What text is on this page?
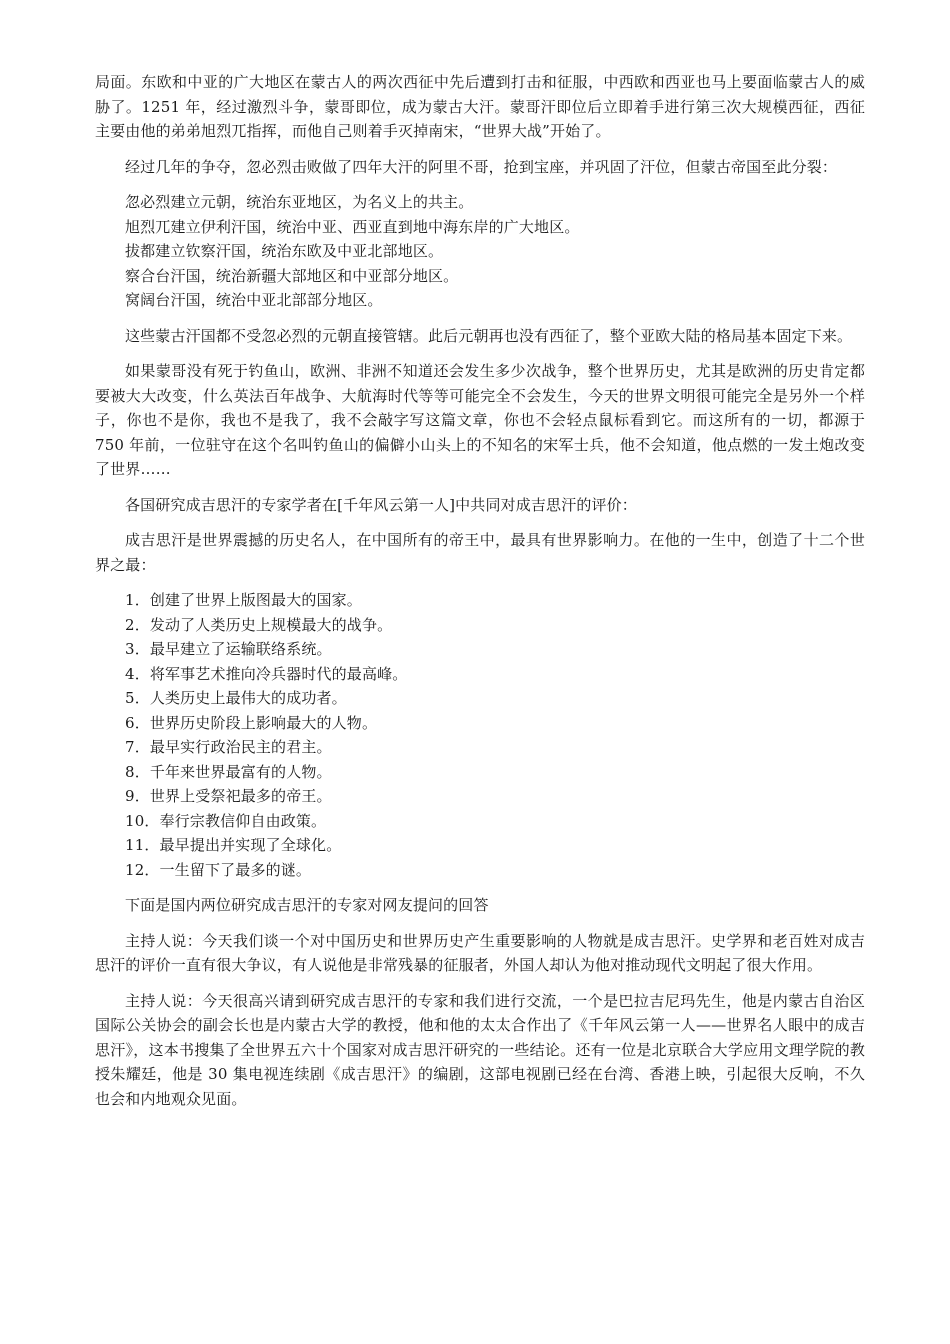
局面。东欧和中亚的广大地区在蒙古人的两次西征中先后遭到打击和征服，中西欧和西亚也马上要面临蒙古人的威胁了。1251 年，经过激烈斗争，蒙哥即位，成为蒙古大汗。蒙哥汗即位后立即着手进行第三次大规模西征，西征主要由他的弟弟旭烈兀指挥，而他自己则着手灭掉南宋，“世界大战”开始了。

经过几年的争夺，忽必烈击败做了四年大汗的阿里不哥，抢到宝座，并巩固了汗位，但蒙古帝国至此分裂：

忽必烈建立元朝，统治东亚地区，为名义上的共主。

旭烈兀建立伊利汗国，统治中亚、西亚直到地中海东岸的广大地区。

拔都建立钦察汗国，统治东欧及中亚北部地区。

察合台汗国，统治新疆大部地区和中亚部分地区。

窝阔台汗国，统治中亚北部部分地区。

这些蒙古汗国都不受忽必烈的元朝直接管辖。此后元朝再也没有西征了，整个亚欧大陆的格局基本固定下来。

如果蒙哥没有死于钓鱼山，欧洲、非洲不知道还会发生多少次战争，整个世界历史，尤其是欧洲的历史肯定都要被大大改变，什么英法百年战争、大航海时代等等可能完全不会发生，今天的世界文明很可能完全是另外一个样子，你也不是你，我也不是我了，我不会敲字写这篇文章，你也不会轻点鼠标看到它。而这所有的一切，都源于 750 年前，一位驻守在这个名叫钓鱼山的偏僻小山头上的不知名的宋军士兵，他不会知道，他点燃的一发土炮改变了世界……

各国研究成吉思汗的专家学者在[千年风云第一人]中共同对成吉思汗的评价：

成吉思汗是世界震撼的历史名人，在中国所有的帝王中，最具有世界影响力。在他的一生中，创造了十二个世界之最：

1．创建了世界上版图最大的国家。

2．发动了人类历史上规模最大的战争。

3．最早建立了运输联络系统。

4．将军事艺术推向冷兵器时代的最高峰。

5．人类历史上最伟大的成功者。

6．世界历史阶段上影响最大的人物。

7．最早实行政治民主的君主。

8．千年来世界最富有的人物。

9．世界上受祭祀最多的帝王。

10．奉行宗教信仰自由政策。

11．最早提出并实现了全球化。

12．一生留下了最多的谜。

下面是国内两位研究成吉思汗的专家对网友提问的回答

主持人说：今天我们谈一个对中国历史和世界历史产生重要影响的人物就是成吉思汗。史学界和老百姓对成吉思汗的评价一直有很大争议，有人说他是非常残暴的征服者，外国人却认为他对推动现代文明起了很大作用。

主持人说：今天很高兴请到研究成吉思汗的专家和我们进行交流，一个是巴拉吉尼玛先生，他是内蒙古自治区国际公关协会的副会长也是内蒙古大学的教授，他和他的太太合作出了《千年风云第一人——世界名人眼中的成吉思汗》，这本书搜集了全世界五六十个国家对成吉思汗研究的一些结论。还有一位是北京联合大学应用文理学院的教授朱耀廷，他是 30 集电视连续剧《成吉思汗》的编剧，这部电视剧已经在台湾、香港上映，引起很大反响，不久也会和内地观众见面。
